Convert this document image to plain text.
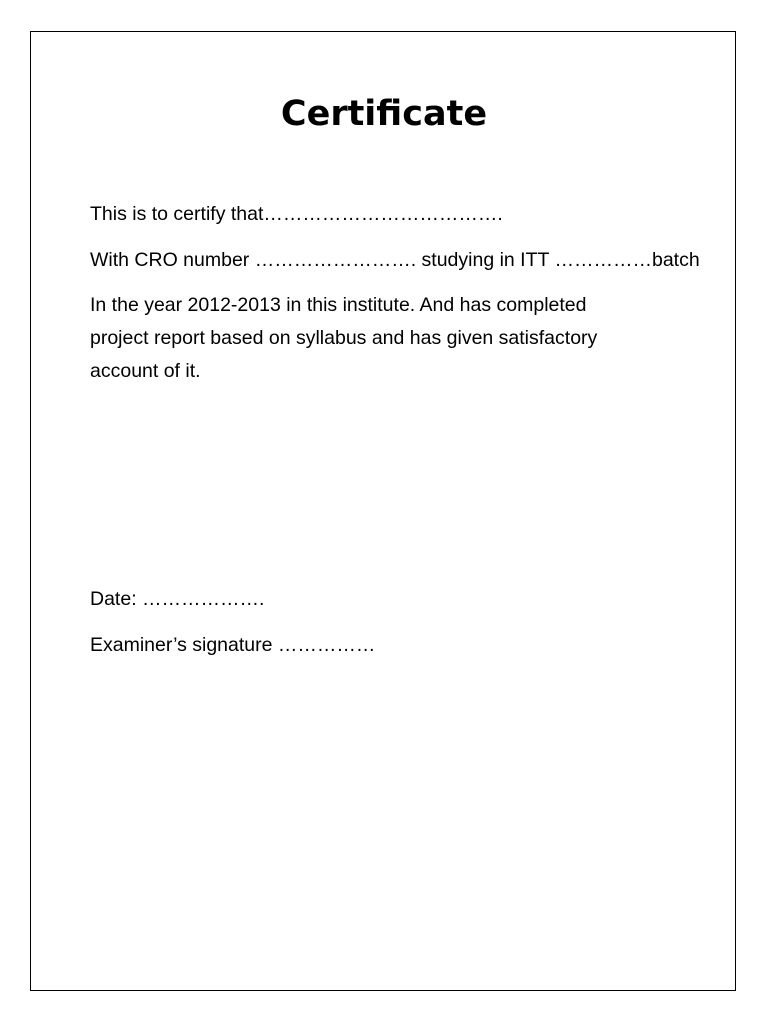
Certificate

This is to certify that……………………………….

With CRO number ……………………. studying in ITT ……………batch

In the year 2012-2013 in this institute. And has completed
project report based on syllabus and has given satisfactory
account of it.

Date: ……………….

Examiner’s signature ……………
